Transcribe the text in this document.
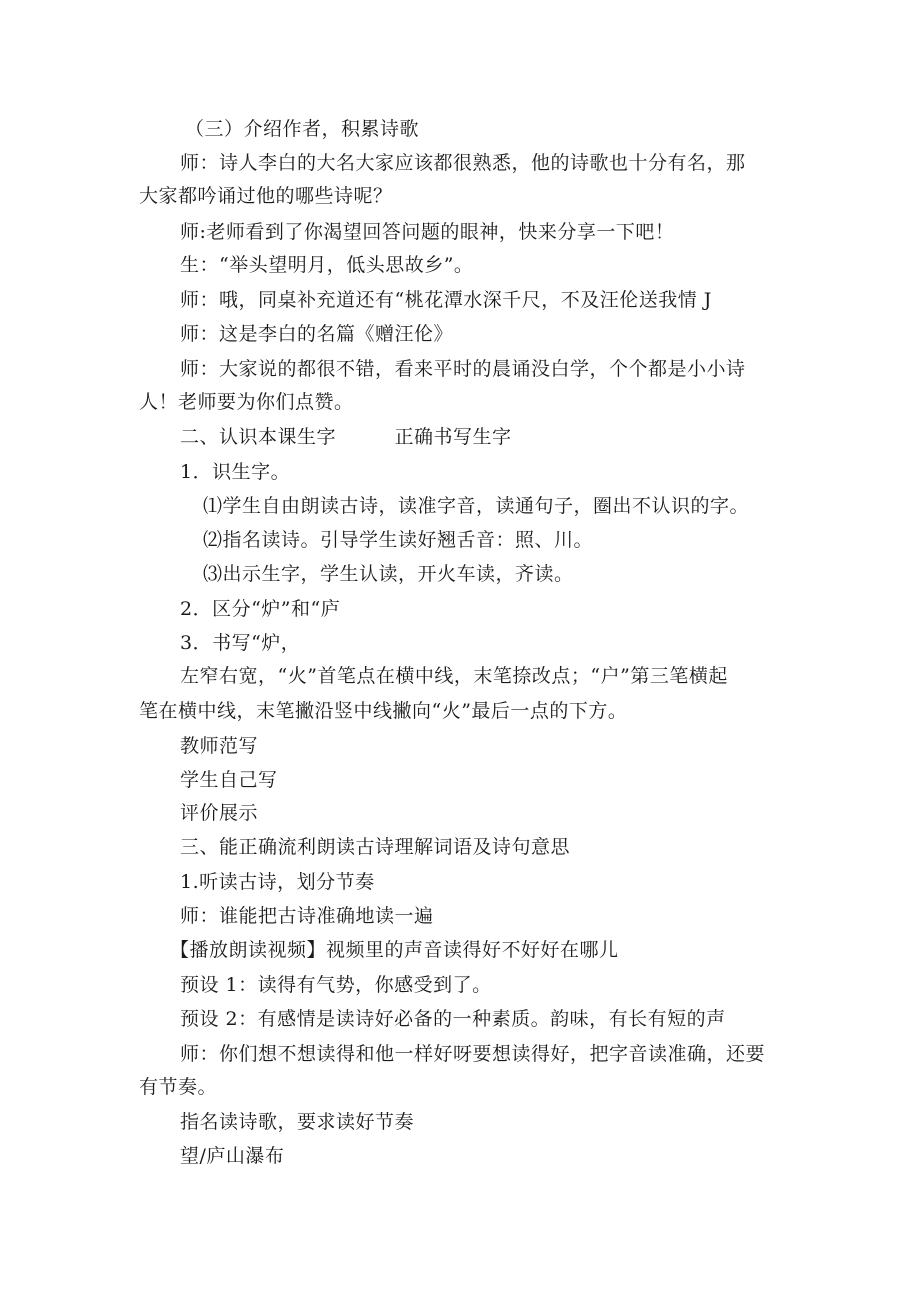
（三）介绍作者，积累诗歌
师：诗人李白的大名大家应该都很熟悉，他的诗歌也十分有名，那
大家都吟诵过他的哪些诗呢？
师:老师看到了你渴望回答问题的眼神，快来分享一下吧！
生：“举头望明月，低头思故乡”。
师：哦，同桌补充道还有“桃花潭水深千尺，不及汪伦送我情 J
师：这是李白的名篇《赠汪伦》
师：大家说的都很不错，看来平时的晨诵没白学，个个都是小小诗
人！老师要为你们点赞。
二、认识本课生字　　　正确书写生字
1．识生字。
⑴学生自由朗读古诗，读准字音，读通句子，圈出不认识的字。
⑵指名读诗。引导学生读好翘舌音：照、川。
⑶出示生字，学生认读，开火车读，齐读。
2．区分“炉”和“庐
3．书写“炉，
左窄右宽，“火”首笔点在横中线，末笔捺改点；“户”第三笔横起
笔在横中线，末笔撇沿竖中线撇向“火”最后一点的下方。
教师范写
学生自己写
评价展示
三、能正确流利朗读古诗理解词语及诗句意思
1.听读古诗，划分节奏
师：谁能把古诗准确地读一遍
【播放朗读视频】视频里的声音读得好不好好在哪儿
预设 1：读得有气势，你感受到了。
预设 2：有感情是读诗好必备的一种素质。韵味，有长有短的声
师：你们想不想读得和他一样好呀要想读得好，把字音读准确，还要
有节奏。
指名读诗歌，要求读好节奏
望/庐山瀑布
